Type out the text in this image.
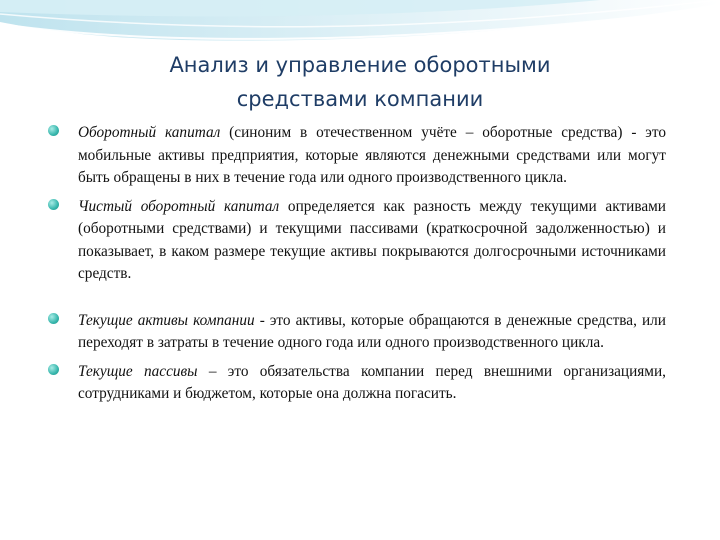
Анализ и управление оборотными
средствами компании
Оборотный капитал (синоним в отечественном учёте – оборотные средства) - это мобильные активы предприятия, которые являются денежными средствами или могут быть обращены в них в течение года или одного производственного цикла.
Чистый оборотный капитал определяется как разность между текущими активами (оборотными средствами) и текущими пассивами (краткосрочной задолженностью) и показывает, в каком размере текущие активы покрываются долгосрочными источниками средств.
Текущие активы компании - это активы, которые обращаются в денежные средства, или переходят в затраты в течение одного года или одного производственного цикла.
Текущие пассивы – это обязательства компании перед внешними организациями, сотрудниками и бюджетом, которые она должна погасить.
